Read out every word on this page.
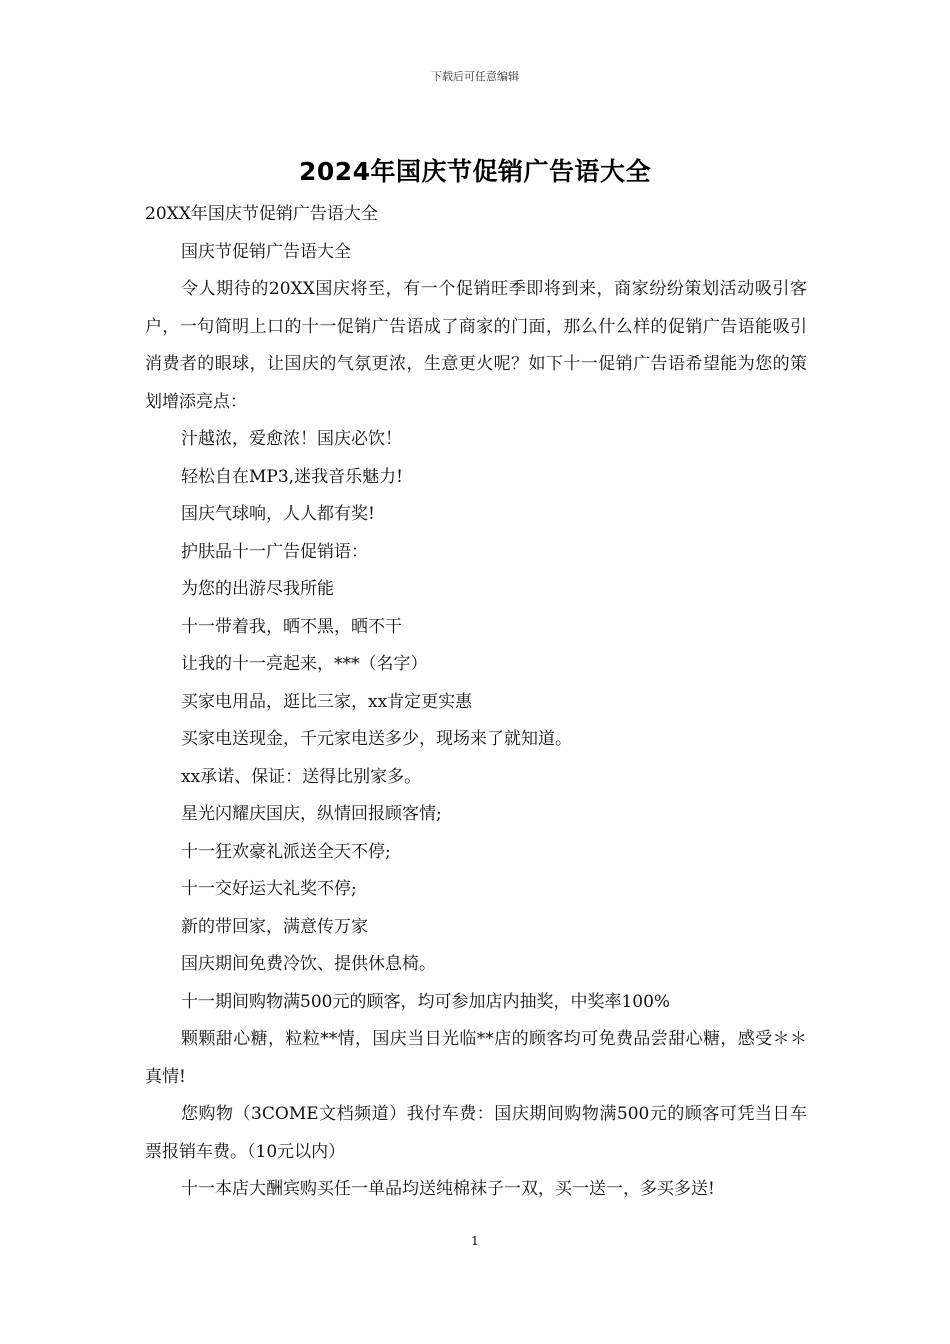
下载后可任意编辑
2024年国庆节促销广告语大全

20XX年国庆节促销广告语大全

国庆节促销广告语大全

令人期待的20XX国庆将至，有一个促销旺季即将到来，商家纷纷策划活动吸引客户，一句简明上口的十一促销广告语成了商家的门面，那么什么样的促销广告语能吸引消费者的眼球，让国庆的气氛更浓，生意更火呢？如下十一促销广告语希望能为您的策划增添亮点：

汁越浓，爱愈浓！国庆必饮！

轻松自在MP3,迷我音乐魅力!

国庆气球响，人人都有奖!

护肤品十一广告促销语：

为您的出游尽我所能

十一带着我，晒不黑，晒不干

让我的十一亮起来，***（名字）

买家电用品，逛比三家，xx肯定更实惠

买家电送现金，千元家电送多少，现场来了就知道。

xx承诺、保证：送得比别家多。

星光闪耀庆国庆，纵情回报顾客情;

十一狂欢豪礼派送全天不停;

十一交好运大礼奖不停;

新的带回家，满意传万家

国庆期间免费冷饮、提供休息椅。

十一期间购物满500元的顾客，均可参加店内抽奖，中奖率100%

颗颗甜心糖，粒粒**情，国庆当日光临**店的顾客均可免费品尝甜心糖，感受＊＊真情!

您购物（3COME文档频道）我付车费：国庆期间购物满500元的顾客可凭当日车票报销车费。（10元以内）

十一本店大酬宾购买任一单品均送纯棉袜子一双，买一送一，多买多送!

1
